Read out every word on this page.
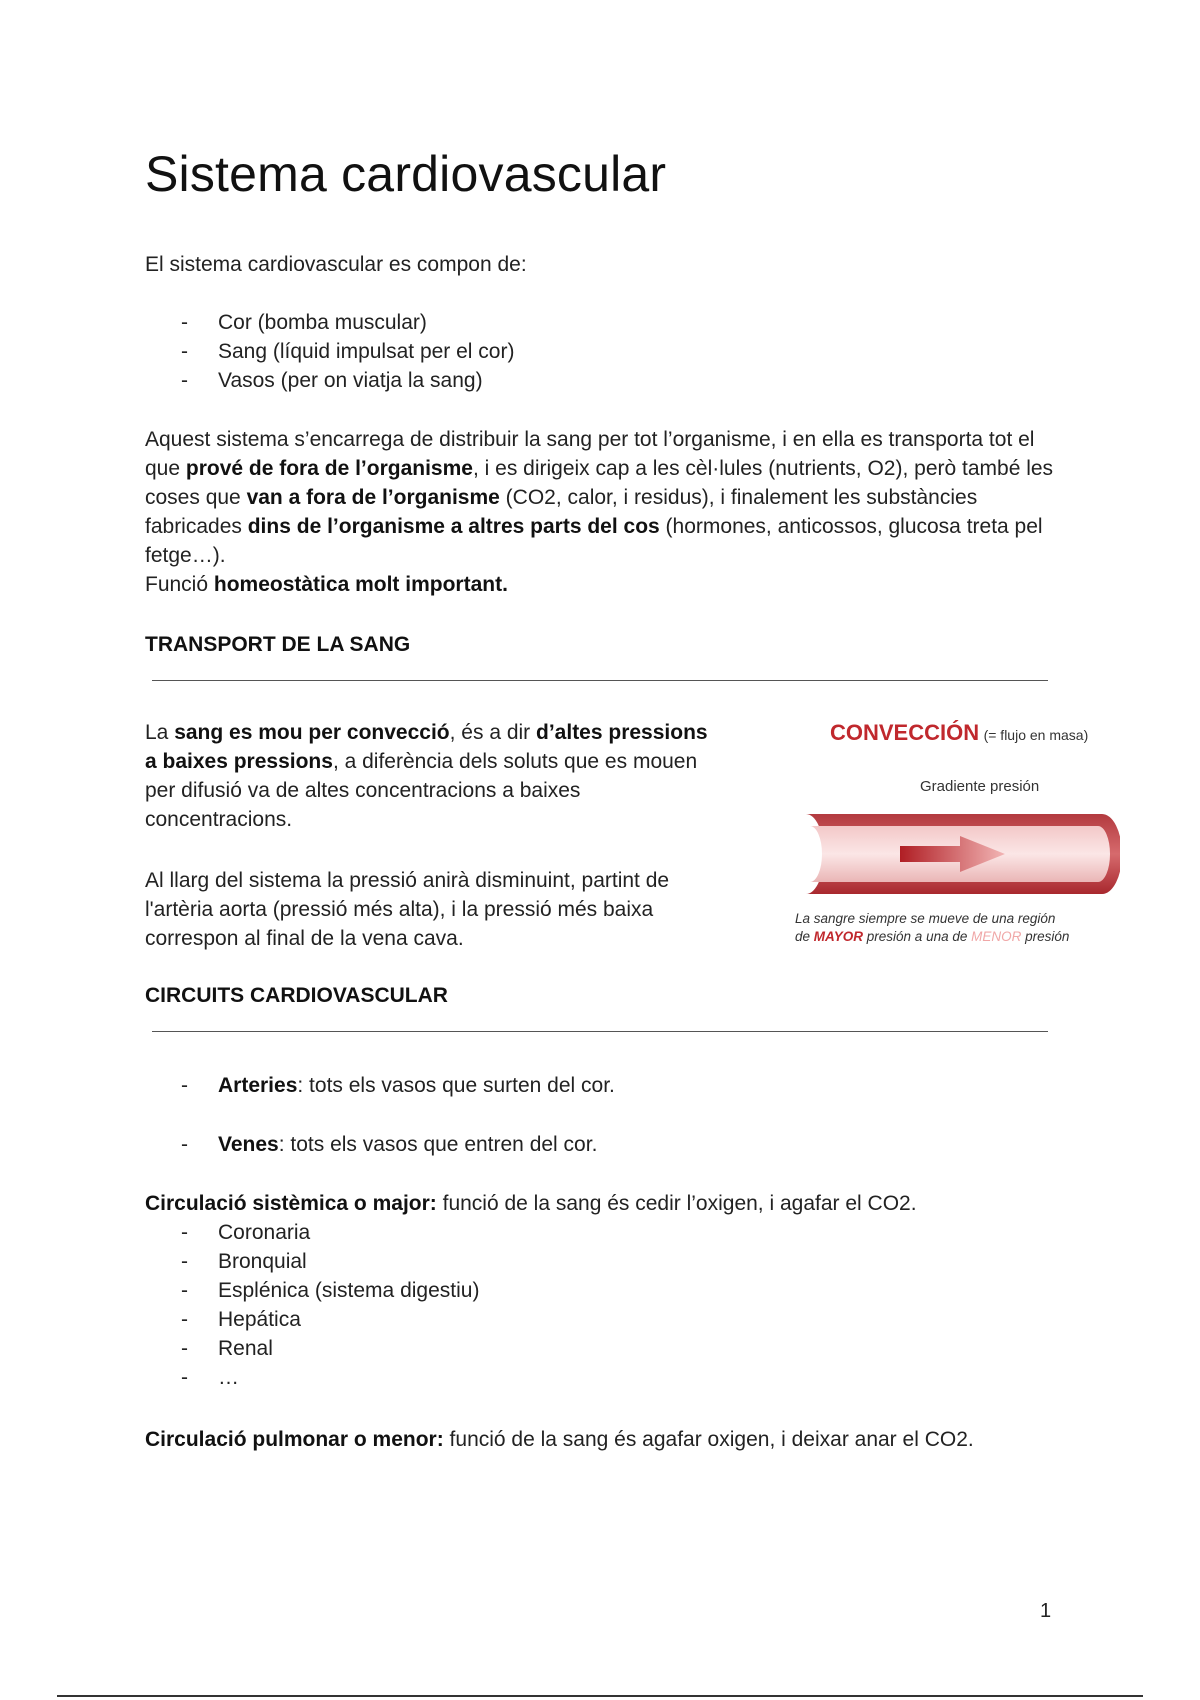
Sistema cardiovascular

El sistema cardiovascular es compon de:

- Cor (bomba muscular)
- Sang (líquid impulsat per el cor)
- Vasos (per on viatja la sang)

Aquest sistema s’encarrega de distribuir la sang per tot l’organisme, i en ella es transporta tot el que prové de fora de l’organisme, i es dirigeix cap a les cèl·lules (nutrients, O2), però també les coses que van a fora de l’organisme (CO2, calor, i residus), i finalement les substàncies fabricades dins de l’organisme a altres parts del cos (hormones, anticossos, glucosa treta pel fetge…).
Funció homeostàtica molt important.

TRANSPORT DE LA SANG

La sang es mou per convecció, és a dir d’altes pressions a baixes pressions, a diferència dels soluts que es mouen per difusió va de altes concentracions a baixes concentracions.

Al llarg del sistema la pressió anirà disminuint, partint de l'artèria aorta (pressió més alta), i la pressió més baixa correspon al final de la vena cava.

CONVECCIÓN (= flujo en masa)
Gradiente presión
La sangre siempre se mueve de una región
de MAYOR presión a una de MENOR presión
CIRCUITS CARDIOVASCULAR
- Arteries: tots els vasos que surten del cor.
- Venes: tots els vasos que entren del cor.

Circulació sistèmica o major: funció de la sang és cedir l’oxigen, i agafar el CO2.

- Coronaria
- Bronquial
- Esplénica (sistema digestiu)
- Hepática
- Renal
- …

Circulació pulmonar o menor: funció de la sang és agafar oxigen, i deixar anar el CO2.

1
